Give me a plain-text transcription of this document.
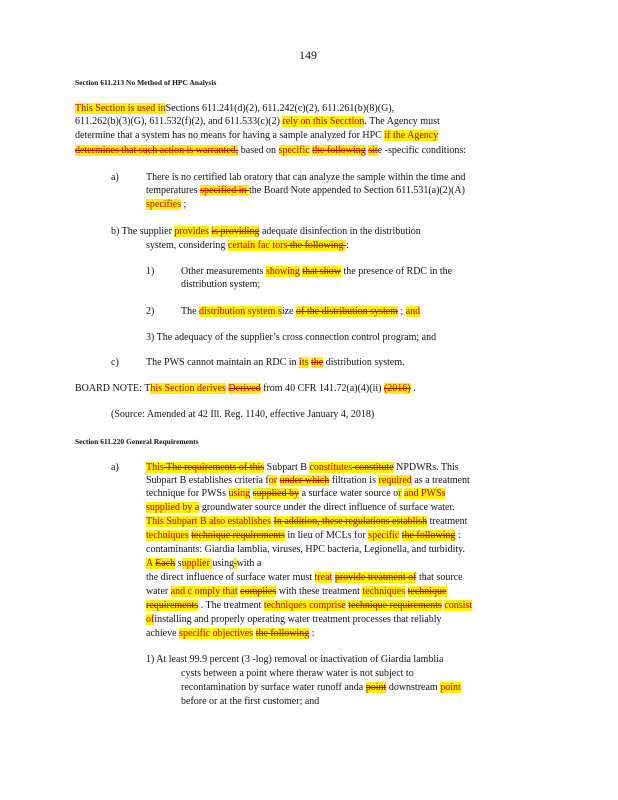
149
Section 611.213 No Method of HPC Analysis
This Section is used inSections 611.241(d)(2), 611.242(c)(2), 611.261(b)(8)(G),
611.262(b)(3)(G), 611.532(f)(2), and 611.533(c)(2) rely on this Secction. The Agency must
determine that a system has no means for having a sample analyzed for HPC if the Agency
determines that such action is warranted, based on specific the following site -specific conditions:
a)	There is no certified lab oratory that can analyze the sample within the time and
temperatures specified in the Board Note appended to Section 611.531(a)(2)(A)
specifies ;
b) The supplier provides is providing adequate disinfection in the distribution
system, considering certain fac tors the following :
1)	Other measurements showing that show the presence of RDC in the
distribution system;
2)	The distribution system size of the distribution system ; and
3) The adequacy of the supplier’s cross connection control program; and
c)	The PWS cannot maintain an RDC in its the distribution system.
BOARD NOTE: This Section derives Derived from 40 CFR 141.72(a)(4)(ii) (2016) .
(Source: Amended at 42 Ill. Reg. 1140, effective January 4, 2018)
Section 611.220 General Requirements
a)	This The requirements of this Subpart B constitutes constitute NPDWRs. This
Subpart B establishes criteria for under which filtration is required as a treatment
technique for PWSs using supplied by a surface water source or and PWSs
supplied by a groundwater source under the direct influence of surface water.
This Subpart B also establishes In addition, these regulations establish treatment
techniques technique requirements in lieu of MCLs for specific the following :
contaminants: Giardia lamblia, viruses, HPC bacteria, Legionella, and turbidity.
A Each supplier using with a
the direct influence of surface water must treat provide treatment of that source
water and c omply that complies with these treatment techniques technique
requirements . The treatment techniques comprise technique requirements consist
ofinstalling and properly operating water treatment processes that reliably
achieve specific objectives the following :
1) At least 99.9 percent (3 -log) removal or inactivation of Giardia lamblia
cysts between a point where theraw water is not subject to
recontamination by surface water runoff anda point downstream point
before or at the first customer; and
